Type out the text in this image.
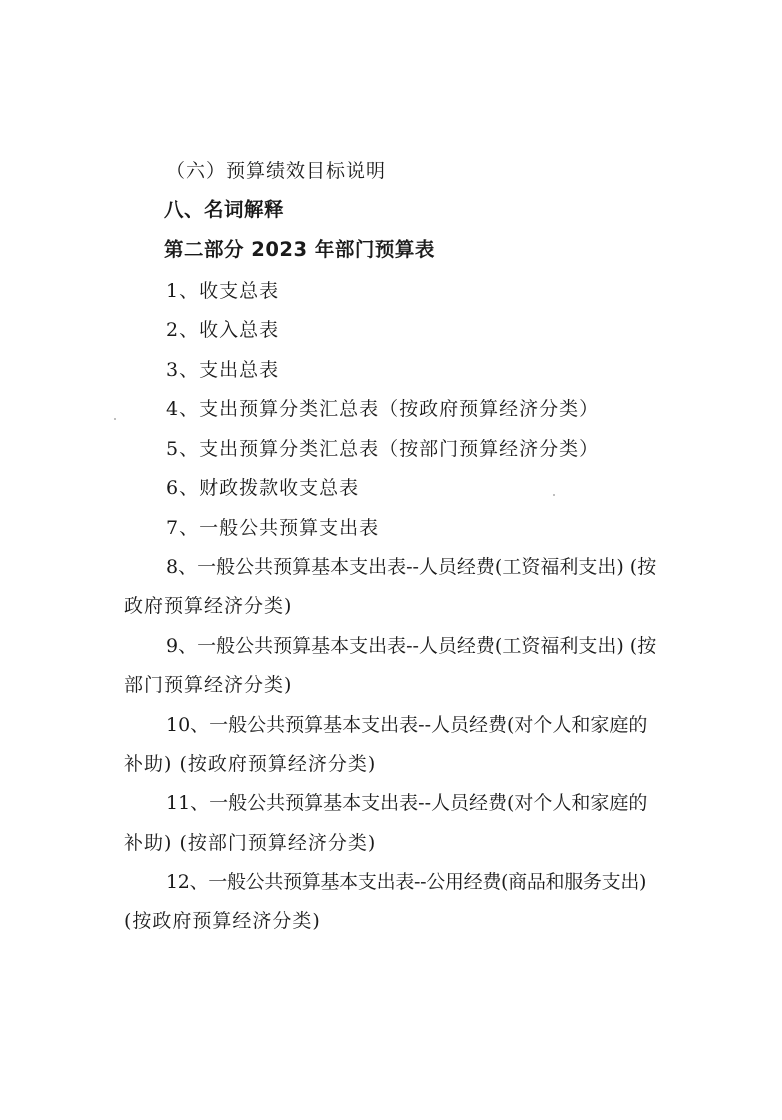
（六）预算绩效目标说明
八、名词解释
第二部分 2023 年部门预算表
1、收支总表
2、收入总表
3、支出总表
4、支出预算分类汇总表（按政府预算经济分类）
5、支出预算分类汇总表（按部门预算经济分类）
6、财政拨款收支总表
7、一般公共预算支出表
8、一般公共预算基本支出表--人员经费(工资福利支出) (按
政府预算经济分类)
9、一般公共预算基本支出表--人员经费(工资福利支出) (按
部门预算经济分类)
10、一般公共预算基本支出表--人员经费(对个人和家庭的
补助) (按政府预算经济分类)
11、一般公共预算基本支出表--人员经费(对个人和家庭的
补助) (按部门预算经济分类)
12、一般公共预算基本支出表--公用经费(商品和服务支出)
(按政府预算经济分类)
